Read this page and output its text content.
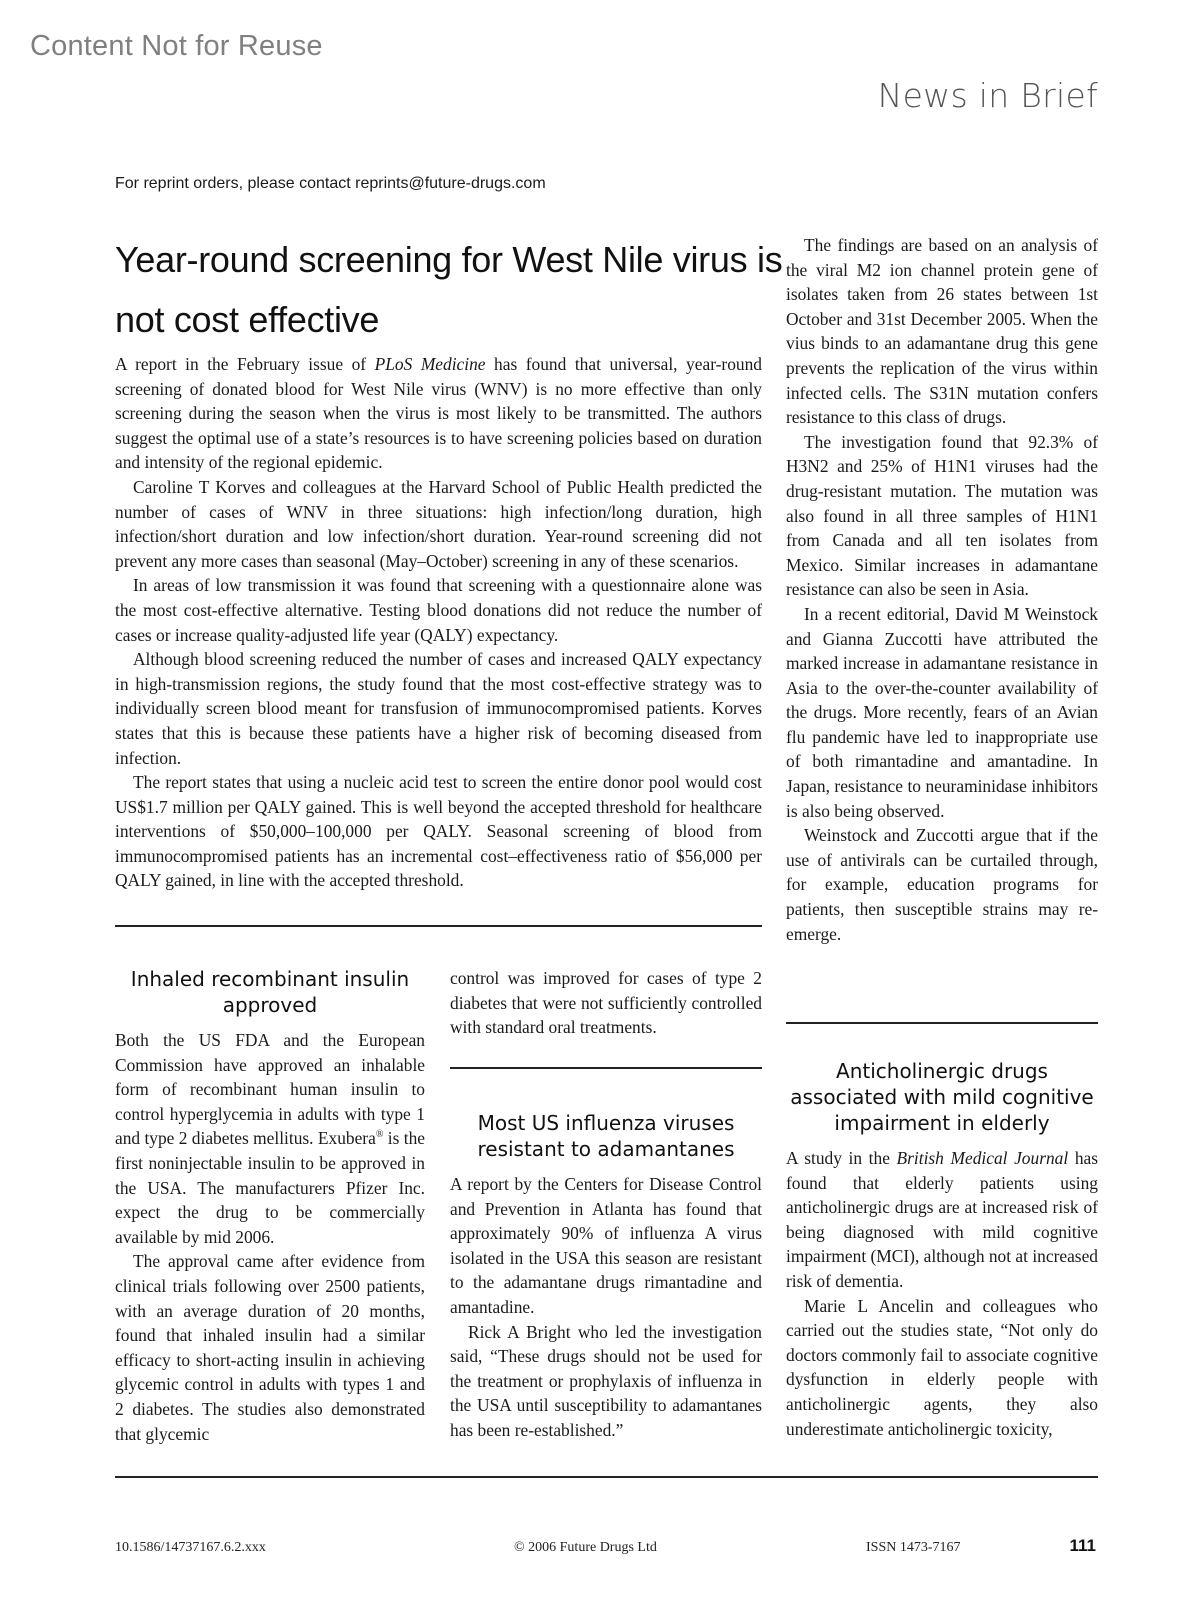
Content Not for Reuse
News in Brief
For reprint orders, please contact reprints@future-drugs.com
Year-round screening for West Nile virus is not cost effective

A report in the February issue of PLoS Medicine has found that universal, year-round screening of donated blood for West Nile virus (WNV) is no more effective than only screening during the season when the virus is most likely to be transmitted. The authors suggest the optimal use of a state’s resources is to have screening policies based on duration and intensity of the regional epidemic.

Caroline T Korves and colleagues at the Harvard School of Public Health predicted the number of cases of WNV in three situations: high infection/long duration, high infection/short duration and low infection/short duration. Year-round screening did not prevent any more cases than seasonal (May–October) screening in any of these scenarios.

In areas of low transmission it was found that screening with a questionnaire alone was the most cost-effective alternative. Testing blood donations did not reduce the number of cases or increase quality-adjusted life year (QALY) expectancy.

Although blood screening reduced the number of cases and increased QALY expectancy in high-transmission regions, the study found that the most cost-effective strategy was to individually screen blood meant for transfusion of immunocompromised patients. Korves states that this is because these patients have a higher risk of becoming diseased from infection.

The report states that using a nucleic acid test to screen the entire donor pool would cost US$1.7 million per QALY gained. This is well beyond the accepted threshold for healthcare interventions of $50,000–100,000 per QALY. Seasonal screening of blood from immunocompromised patients has an incremental cost–effectiveness ratio of $56,000 per QALY gained, in line with the accepted threshold.

Inhaled recombinant insulin approved

Both the US FDA and the European Commission have approved an inhalable form of recombinant human insulin to control hyperglycemia in adults with type 1 and type 2 diabetes mellitus. Exubera® is the first noninjectable insulin to be approved in the USA. The manufacturers Pfizer Inc. expect the drug to be commercially available by mid 2006.

The approval came after evidence from clinical trials following over 2500 patients, with an average duration of 20 months, found that inhaled insulin had a similar efficacy to short-acting insulin in achieving glycemic control in adults with types 1 and 2 diabetes. The studies also demonstrated that glycemic

control was improved for cases of type 2 diabetes that were not sufficiently controlled with standard oral treatments.

Most US influenza viruses resistant to adamantanes

A report by the Centers for Disease Control and Prevention in Atlanta has found that approximately 90% of influenza A virus isolated in the USA this season are resistant to the adamantane drugs rimantadine and amantadine.

Rick A Bright who led the investigation said, “These drugs should not be used for the treatment or prophylaxis of influenza in the USA until susceptibility to adamantanes has been re-established.”

The findings are based on an analysis of the viral M2 ion channel protein gene of isolates taken from 26 states between 1st October and 31st December 2005. When the vius binds to an adamantane drug this gene prevents the replication of the virus within infected cells. The S31N mutation confers resistance to this class of drugs.

The investigation found that 92.3% of H3N2 and 25% of H1N1 viruses had the drug-resistant mutation. The mutation was also found in all three samples of H1N1 from Canada and all ten isolates from Mexico. Similar increases in adamantane resistance can also be seen in Asia.

In a recent editorial, David M Weinstock and Gianna Zuccotti have attributed the marked increase in adamantane resistance in Asia to the over-the-counter availability of the drugs. More recently, fears of an Avian flu pandemic have led to inappropriate use of both rimantadine and amantadine. In Japan, resistance to neuraminidase inhibitors is also being observed.

Weinstock and Zuccotti argue that if the use of antivirals can be curtailed through, for example, education programs for patients, then susceptible strains may re-emerge.

Anticholinergic drugs associated with mild cognitive impairment in elderly

A study in the British Medical Journal has found that elderly patients using anticholinergic drugs are at increased risk of being diagnosed with mild cognitive impairment (MCI), although not at increased risk of dementia.

Marie L Ancelin and colleagues who carried out the studies state, “Not only do doctors commonly fail to associate cognitive dysfunction in elderly people with anticholinergic agents, they also underestimate anticholinergic toxicity,

10.1586/14737167.6.2.xxx	© 2006 Future Drugs Ltd	ISSN 1473-7167	111
